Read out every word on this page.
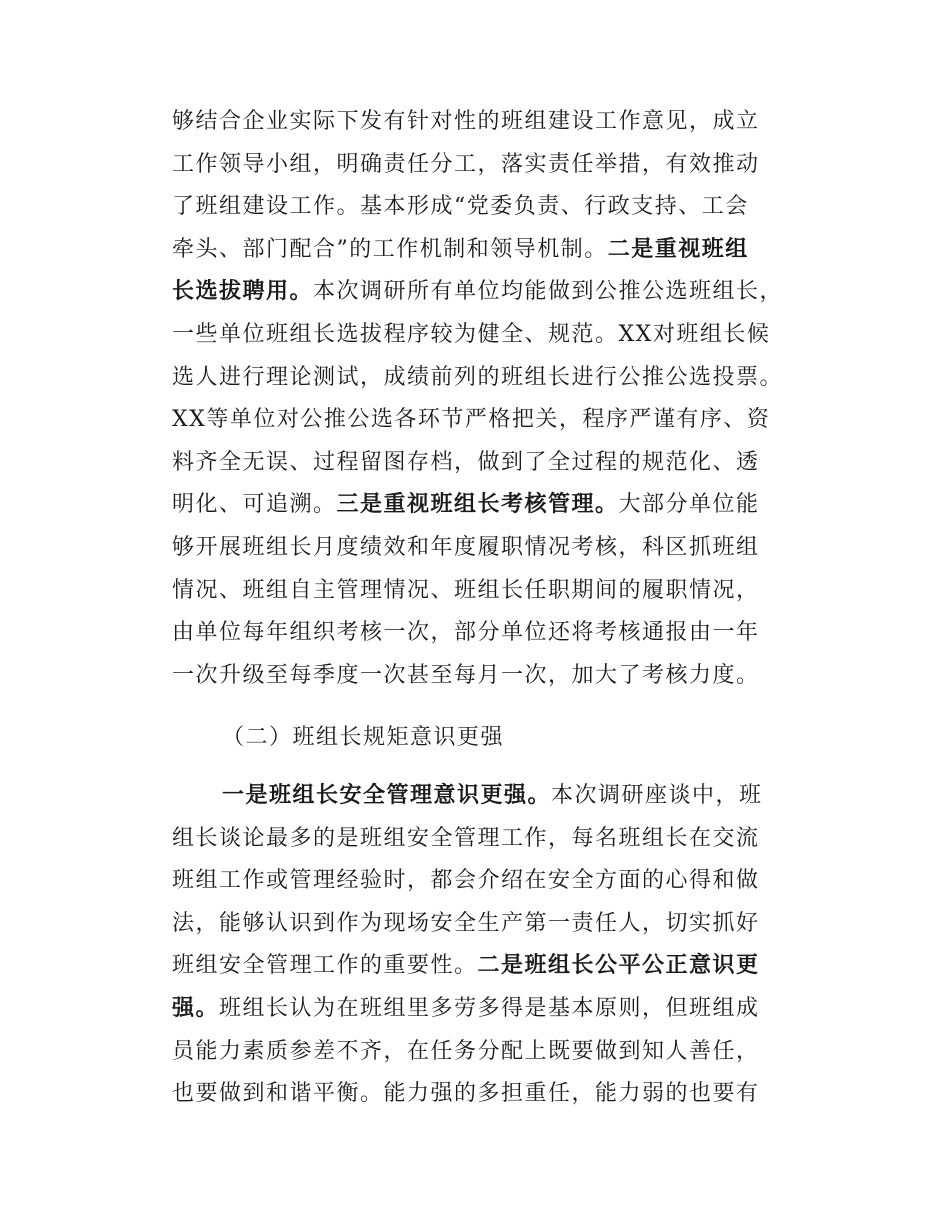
够结合企业实际下发有针对性的班组建设工作意见，成立
工作领导小组，明确责任分工，落实责任举措，有效推动
了班组建设工作。基本形成“党委负责、行政支持、工会
牵头、部门配合”的工作机制和领导机制。二是重视班组
长选拔聘用。本次调研所有单位均能做到公推公选班组长，
一些单位班组长选拔程序较为健全、规范。XX对班组长候
选人进行理论测试，成绩前列的班组长进行公推公选投票。
XX等单位对公推公选各环节严格把关，程序严谨有序、资
料齐全无误、过程留图存档，做到了全过程的规范化、透
明化、可追溯。三是重视班组长考核管理。大部分单位能
够开展班组长月度绩效和年度履职情况考核，科区抓班组
情况、班组自主管理情况、班组长任职期间的履职情况，
由单位每年组织考核一次，部分单位还将考核通报由一年
一次升级至每季度一次甚至每月一次，加大了考核力度。
（二）班组长规矩意识更强
一是班组长安全管理意识更强。本次调研座谈中，班
组长谈论最多的是班组安全管理工作，每名班组长在交流
班组工作或管理经验时，都会介绍在安全方面的心得和做
法，能够认识到作为现场安全生产第一责任人，切实抓好
班组安全管理工作的重要性。二是班组长公平公正意识更
强。班组长认为在班组里多劳多得是基本原则，但班组成
员能力素质参差不齐，在任务分配上既要做到知人善任，
也要做到和谐平衡。能力强的多担重任，能力弱的也要有
